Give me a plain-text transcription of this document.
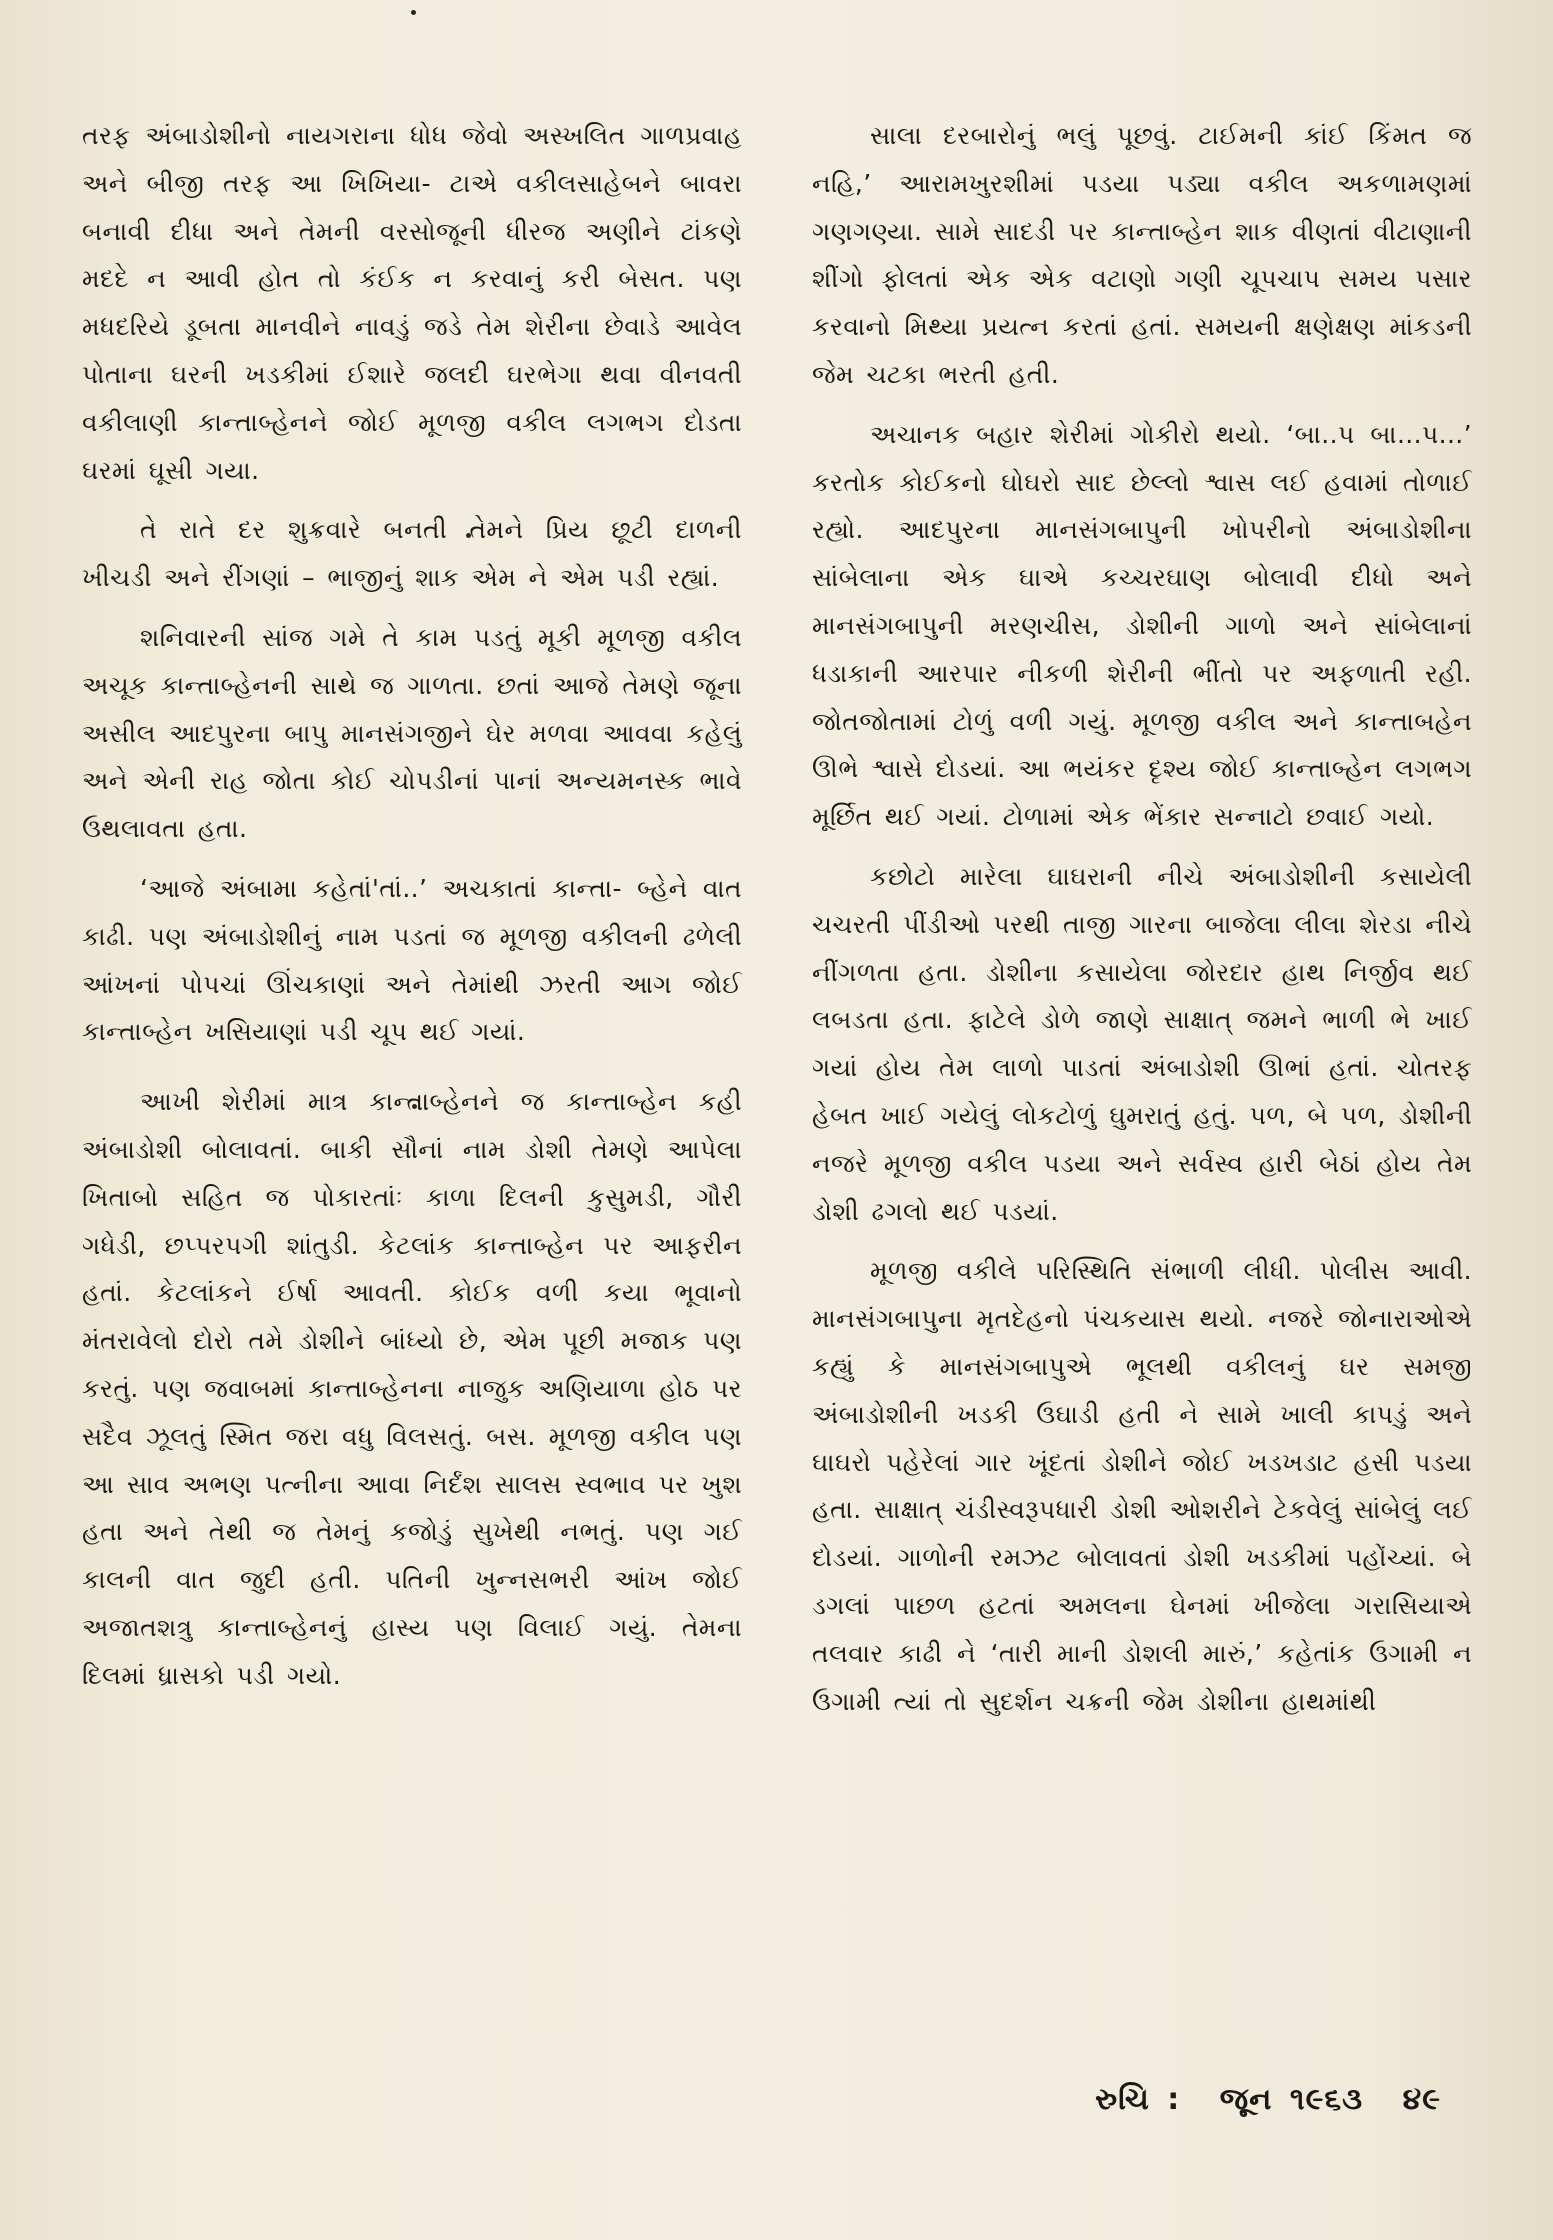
તરફ અંબાડોશીનો નાયગરાના ધોધ જેવો અસ્ખલિત ગાળપ્રવાહ અને બીજી તરફ આ ખિખિયા- ટાએ વકીલસાહેબને બાવરા બનાવી દીધા અને તેમની વરસોજૂની ધીરજ અણીને ટાંકણે મદદે ન આવી હોત તો કંઈક ન કરવાનું કરી બેસત. પણ મધદરિયે ડૂબતા માનવીને નાવડું જડે તેમ શેરીના છેવાડે આવેલ પોતાના ઘરની ખડકીમાં ઈશારે જલદી ઘરભેગા થવા વીનવતી વકીલાણી કાન્તાબ્હેનને જોઈ મૂળજી વકીલ લગભગ દોડતા ઘરમાં ઘૂસી ગયા.

તે રાતે દર શુક્રવારે બનતી તેમને પ્રિય છૂટી દાળની ખીચડી અને રીંગણાં – ભાજીનું શાક એમ ને એમ પડી રહ્યાં.

શનિવારની સાંજ ગમે તે કામ પડતું મૂકી મૂળજી વકીલ અચૂક કાન્તાબ્હેનની સાથે જ ગાળતા. છતાં આજે તેમણે જૂના અસીલ આદપુરના બાપુ માનસંગજીને ઘેર મળવા આવવા કહેલું અને એની રાહ જોતા કોઈ ચોપડીનાં પાનાં અન્યમનસ્ક ભાવે ઉથલાવતા હતા.

‘આજે અંબામા કહેતાં'તાં..’ અચકાતાં કાન્તા- બ્હેને વાત કાઢી. પણ અંબાડોશીનું નામ પડતાં જ મૂળજી વકીલની ઢળેલી આંખનાં પોપચાં ઊંચકાણાં અને તેમાંથી ઝરતી આગ જોઈ કાન્તાબ્હેન ખસિયાણાં પડી ચૂપ થઈ ગયાં.

આખી શેરીમાં માત્ર કાન્તાબ્હેનને જ કાન્તાબ્હેન કહી અંબાડોશી બોલાવતાં. બાકી સૌનાં નામ ડોશી તેમણે આપેલા ખિતાબો સહિત જ પોકારતાંઃ કાળા દિલની કુસુમડી, ગૌરી ગધેડી, છપ્પરપગી શાંતુડી. કેટલાંક કાન્તાબ્હેન પર આફરીન હતાં. કેટલાંકને ઈર્ષા આવતી. કોઈક વળી કયા ભૂવાનો મંતરાવેલો દોરો તમે ડોશીને બાંધ્યો છે, એમ પૂછી મજાક પણ કરતું. પણ જવાબમાં કાન્તાબ્હેનના નાજુક અણિયાળા હોઠ પર સદૈવ ઝૂલતું સ્મિત જરા વધુ વિલસતું. બસ. મૂળજી વકીલ પણ આ સાવ અભણ પત્નીના આવા નિર્દંશ સાલસ સ્વભાવ પર ખુશ હતા અને તેથી જ તેમનું કજોડું સુખેથી નભતું. પણ ગઈ કાલની વાત જુદી હતી. પતિની ખુન્નસભરી આંખ જોઈ અજાતશત્રુ કાન્તાબ્હેનનું હાસ્ય પણ વિલાઈ ગયું. તેમના દિલમાં ધ્રાસકો પડી ગયો.

સાલા દરબારોનું ભલું પૂછવું. ટાઈમની કાંઈ કિંમત જ નહિ,’ આરામખુરશીમાં પડયા પડ્યા વકીલ અકળામણમાં ગણગણ્યા. સામે સાદડી પર કાન્તાબ્હેન શાક વીણતાં વીટાણાની શીંગો ફોલતાં એક એક વટાણો ગણી ચૂપચાપ સમય પસાર કરવાનો મિથ્યા પ્રયત્ન કરતાં હતાં. સમયની ક્ષણેક્ષણ માંકડની જેમ ચટકા ભરતી હતી.

અચાનક બહાર શેરીમાં ગોકીરો થયો. ‘બા..પ બા...પ...’ કરતોક કોઈકનો ઘોઘરો સાદ છેલ્લો શ્વાસ લઈ હવામાં તોળાઈ રહ્યો. આદપુરના માનસંગબાપુની ખોપરીનો અંબાડોશીના સાંબેલાના એક ઘાએ કચ્ચરઘાણ બોલાવી દીધો અને માનસંગબાપુની મરણચીસ, ડોશીની ગાળો અને સાંબેલાનાં ધડાકાની આરપાર નીકળી શેરીની ભીંતો પર અફળાતી રહી. જોતજોતામાં ટોળું વળી ગયું. મૂળજી વકીલ અને કાન્તાબહેન ઊભે શ્વાસે દોડયાં. આ ભયંકર દૃશ્ય જોઈ કાન્તાબ્હેન લગભગ મૂર્છિત થઈ ગયાં. ટોળામાં એક ભેંકાર સન્નાટો છવાઈ ગયો.

કછોટો મારેલા ઘાઘરાની નીચે અંબાડોશીની કસાયેલી ચચરતી પીંડીઓ પરથી તાજી ગારના બાજેલા લીલા શેરડા નીચે નીંગળતા હતા. ડોશીના કસાયેલા જોરદાર હાથ નિર્જીવ થઈ લબડતા હતા. ફાટેલે ડોળે જાણે સાક્ષાત્ જમને ભાળી ભે ખાઈ ગયાં હોય તેમ લાળો પાડતાં અંબાડોશી ઊભાં હતાં. ચોતરફ હેબત ખાઈ ગયેલું લોકટોળું ઘુમરાતું હતું. પળ, બે પળ, ડોશીની નજરે મૂળજી વકીલ પડયા અને સર્વસ્વ હારી બેઠાં હોય તેમ ડોશી ઢગલો થઈ પડયાં.

મૂળજી વકીલે પરિસ્થિતિ સંભાળી લીધી. પોલીસ આવી. માનસંગબાપુના મૃતદેહનો પંચકયાસ થયો. નજરે જોનારાઓએ કહ્યું કે માનસંગબાપુએ ભૂલથી વકીલનું ઘર સમજી અંબાડોશીની ખડકી ઉઘાડી હતી ને સામે ખાલી કાપડું અને ઘાઘરો પહેરેલાં ગાર ખૂંદતાં ડોશીને જોઈ ખડખડાટ હસી પડયા હતા. સાક્ષાત્ ચંડીસ્વરૂપધારી ડોશી ઓશરીને ટેકવેલું સાંબેલું લઈ દોડયાં. ગાળોની રમઝટ બોલાવતાં ડોશી ખડકીમાં પહોંચ્યાં. બે ડગલાં પાછળ હટતાં અમલના ઘેનમાં ખીજેલા ગરાસિયાએ તલવાર કાઢી ને ‘તારી માની ડોશલી મારું,’ કહેતાંક ઉગામી ન ઉગામી ત્યાં તો સુદર્શન ચક્રની જેમ ડોશીના હાથમાંથી

રુચિ : જૂન ૧૯૬૩ ૪૯
